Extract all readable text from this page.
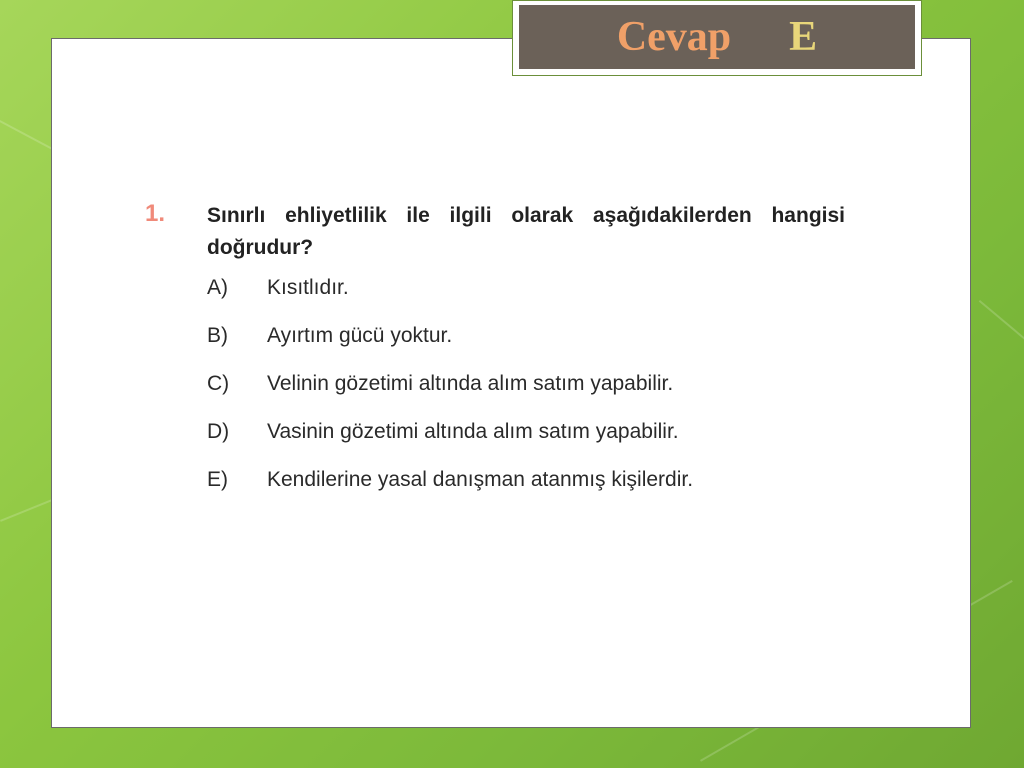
Cevap E
1.	Sınırlı ehliyetlilik ile ilgili olarak aşağıdakilerden hangisi doğrudur?
A)	Kısıtlıdır.
B)	Ayırtım gücü yoktur.
C)	Velinin gözetimi altında alım satım yapabilir.
D)	Vasinin gözetimi altında alım satım yapabilir.
E)	Kendilerine yasal danışman atanmış kişilerdir.
